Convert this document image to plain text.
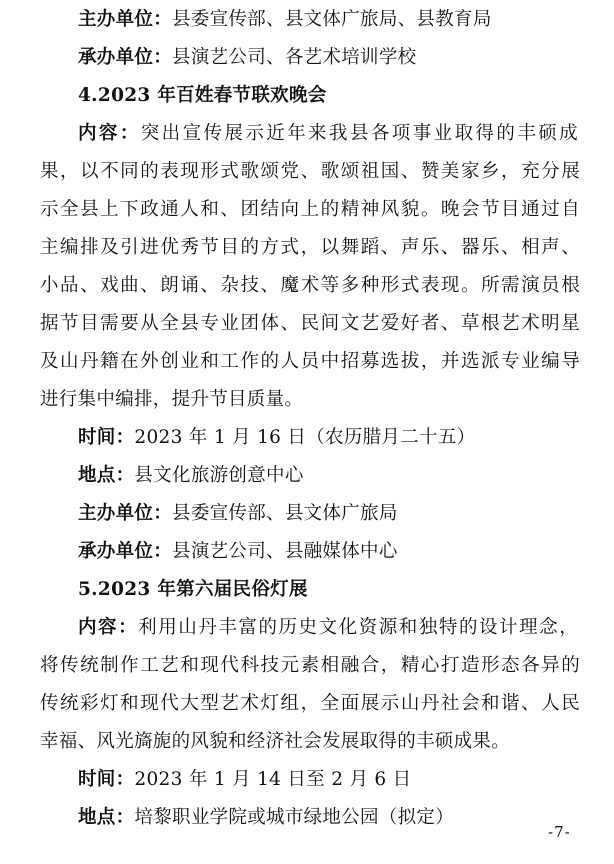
主办单位：县委宣传部、县文体广旅局、县教育局
承办单位：县演艺公司、各艺术培训学校
4.2023 年百姓春节联欢晚会
内容：突出宣传展示近年来我县各项事业取得的丰硕成
果，以不同的表现形式歌颂党、歌颂祖国、赞美家乡，充分展
示全县上下政通人和、团结向上的精神风貌。晚会节目通过自
主编排及引进优秀节目的方式，以舞蹈、声乐、器乐、相声、
小品、戏曲、朗诵、杂技、魔术等多种形式表现。所需演员根
据节目需要从全县专业团体、民间文艺爱好者、草根艺术明星
及山丹籍在外创业和工作的人员中招募选拔，并选派专业编导
进行集中编排，提升节目质量。
时间：2023 年 1 月 16 日（农历腊月二十五）
地点：县文化旅游创意中心
主办单位：县委宣传部、县文体广旅局
承办单位：县演艺公司、县融媒体中心
5.2023 年第六届民俗灯展
内容：利用山丹丰富的历史文化资源和独特的设计理念，
将传统制作工艺和现代科技元素相融合，精心打造形态各异的
传统彩灯和现代大型艺术灯组，全面展示山丹社会和谐、人民
幸福、风光旖旎的风貌和经济社会发展取得的丰硕成果。
时间：2023 年 1 月 14 日至 2 月 6 日
地点：培黎职业学院或城市绿地公园（拟定）
-7-
